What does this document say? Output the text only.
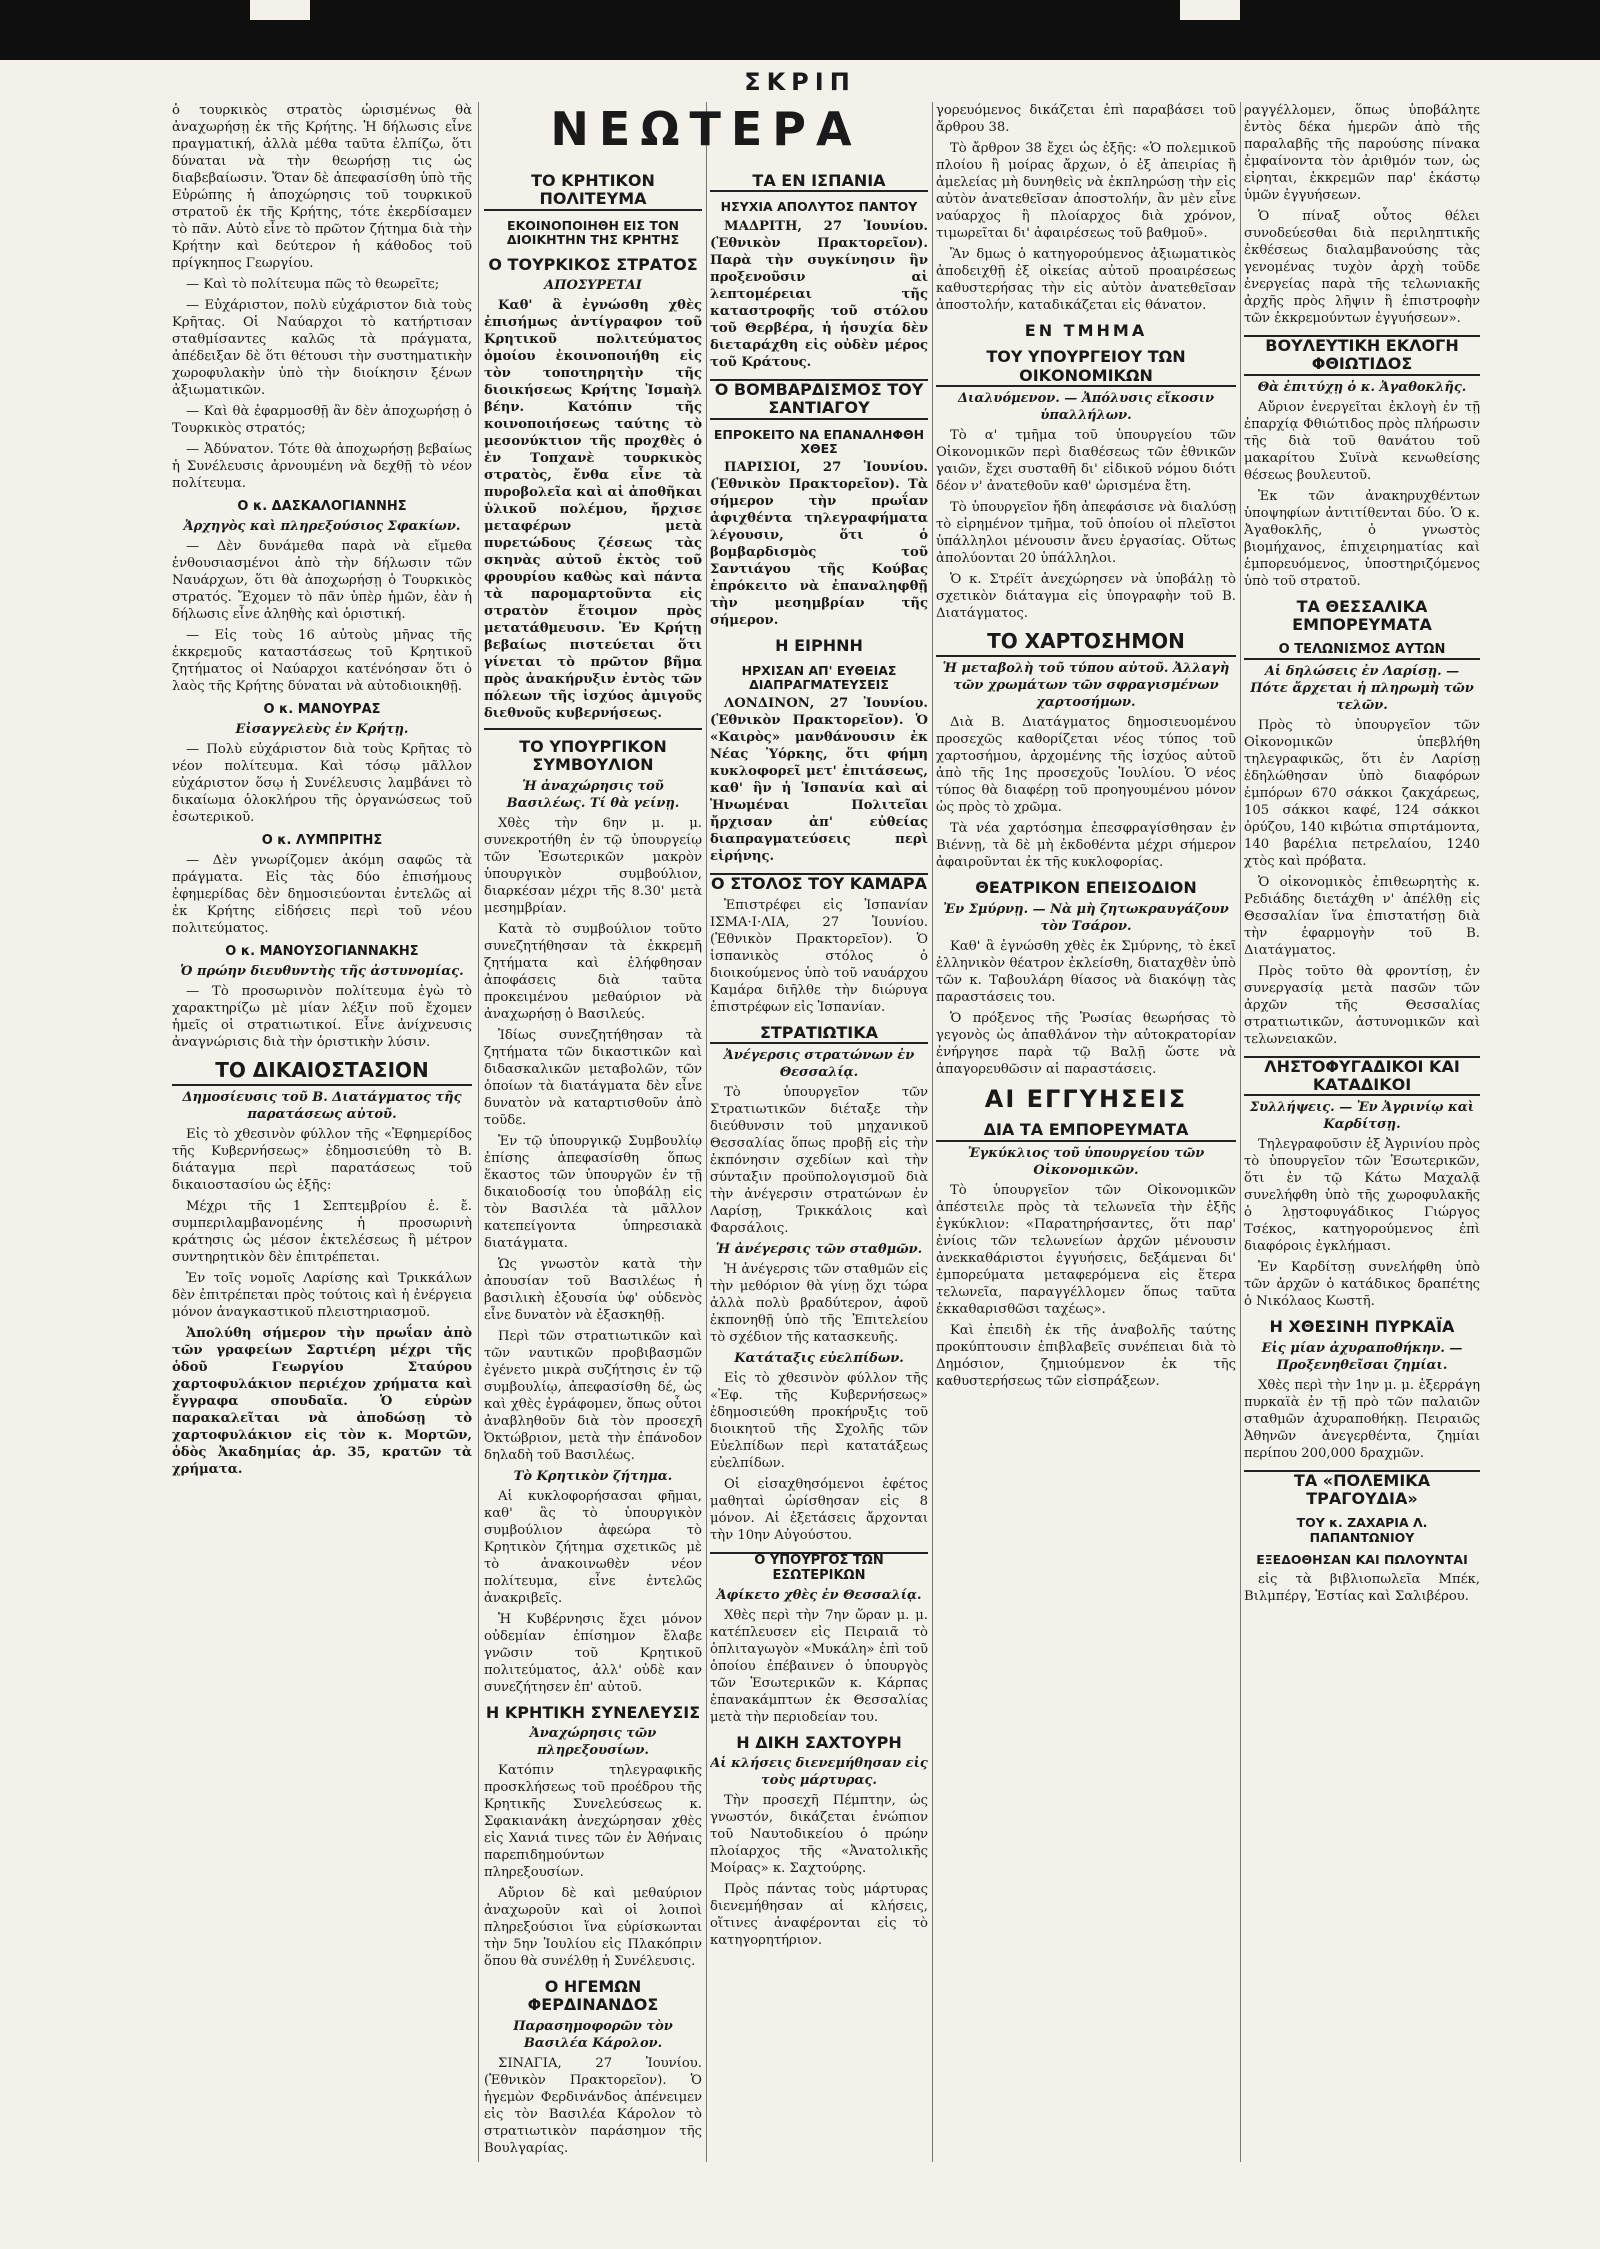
ΣΚΡΙΠ

ὁ τουρκικὸς στρατὸς ὡρισμένως θὰ ἀναχωρήσῃ ἐκ τῆς Κρήτης. Ἡ δήλωσις εἶνε πραγματική, ἀλλὰ μέθα ταῦτα ἐλπίζω, ὅτι δύναται νὰ τὴν θεωρήσῃ τις ὡς διαβεβαίωσιν. Ὅταν δὲ ἀπεφασίσθη ὑπὸ τῆς Εὐρώπης ἡ ἀποχώρησις τοῦ τουρκικοῦ στρατοῦ ἐκ τῆς Κρήτης, τότε ἐκερδίσαμεν τὸ πᾶν. Αὐτὸ εἶνε τὸ πρῶτον ζήτημα διὰ τὴν Κρήτην καὶ δεύτερον ἡ κάθοδος τοῦ πρίγκηπος Γεωργίου.

— Καὶ τὸ πολίτευμα πῶς τὸ θεωρεῖτε;

— Εὐχάριστον, πολὺ εὐχάριστον διὰ τοὺς Κρῆτας. Οἱ Ναύαρχοι τὸ κατήρτισαν σταθμίσαντες καλῶς τὰ πράγματα, ἀπέδειξαν δὲ ὅτι θέτουσι τὴν συστηματικὴν χωροφυλακὴν ὑπὸ τὴν διοίκησιν ξένων ἀξιωματικῶν.

— Καὶ θὰ ἐφαρμοσθῇ ἂν δὲν ἀποχωρήσῃ ὁ Τουρκικὸς στρατός;

— Ἀδύνατον. Τότε θὰ ἀποχωρήσῃ βεβαίως ἡ Συνέλευσις ἀρνουμένη νὰ δεχθῇ τὸ νέον πολίτευμα.

Ο κ. ΔΑΣΚΑΛΟΓΙΑΝΝΗΣ
Ἀρχηγὸς καὶ πληρεξούσιος Σφακίων.

— Δὲν δυνάμεθα παρὰ νὰ εἴμεθα ἐνθουσιασμένοι ἀπὸ τὴν δήλωσιν τῶν Ναυάρχων, ὅτι θὰ ἀποχωρήσῃ ὁ Τουρκικὸς στρατός. Ἔχομεν τὸ πᾶν ὑπὲρ ἡμῶν, ἐὰν ἡ δήλωσις εἶνε ἀληθὴς καὶ ὁριστική.

— Εἰς τοὺς 16 αὐτοὺς μῆνας τῆς ἐκκρεμοῦς καταστάσεως τοῦ Κρητικοῦ ζητήματος οἱ Ναύαρχοι κατένόησαν ὅτι ὁ λαὸς τῆς Κρήτης δύναται νὰ αὐτοδιοικηθῇ.

Ο κ. ΜΑΝΟΥΡΑΣ
Εἰσαγγελεὺς ἐν Κρήτῃ.

— Πολὺ εὐχάριστον διὰ τοὺς Κρῆτας τὸ νέον πολίτευμα. Καὶ τόσῳ μᾶλλον εὐχάριστον ὅσῳ ἡ Συνέλευσις λαμβάνει τὸ δικαίωμα ὁλοκλήρου τῆς ὀργανώσεως τοῦ ἐσωτερικοῦ.

Ο κ. ΛΥΜΠΡΙΤΗΣ

— Δὲν γνωρίζομεν ἀκόμη σαφῶς τὰ πράγματα. Εἰς τὰς δύο ἐπισήμους ἐφημερίδας δὲν δημοσιεύονται ἐντελῶς αἱ ἐκ Κρήτης εἰδήσεις περὶ τοῦ νέου πολιτεύματος.

Ο κ. ΜΑΝΟΥΣΟΓΙΑΝΝΑΚΗΣ
Ὁ πρώην διευθυντὴς τῆς ἀστυνομίας.

— Τὸ προσωρινὸν πολίτευμα ἐγὼ τὸ χαρακτηρίζω μὲ μίαν λέξιν ποῦ ἔχομεν ἡμεῖς οἱ στρατιωτικοί. Εἶνε ἀνίχνευσις ἀναγνώρισις διὰ τὴν ὁριστικὴν λύσιν.

ΤΟ ΔΙΚΑΙΟΣΤΑΣΙΟΝ
Δημοσίευσις τοῦ Β. Διατάγματος τῆς παρατάσεως αὐτοῦ.

Εἰς τὸ χθεσινὸν φύλλον τῆς «Ἐφημερίδος τῆς Κυβερνήσεως» ἐδημοσιεύθη τὸ Β. διάταγμα περὶ παρατάσεως τοῦ δικαιοστασίου ὡς ἑξῆς:

Μέχρι τῆς 1 Σεπτεμβρίου ἐ. ἔ. συμπεριλαμβανομένης ἡ προσωρινὴ κράτησις ὡς μέσον ἐκτελέσεως ἢ μέτρον συντηρητικὸν δὲν ἐπιτρέπεται.

Ἐν τοῖς νομοῖς Λαρίσης καὶ Τρικκάλων δὲν ἐπιτρέπεται πρὸς τούτοις καὶ ἡ ἐνέργεια μόνον ἀναγκαστικοῦ πλειστηριασμοῦ.

Ἀπολύθη σήμερον τὴν πρωΐαν ἀπὸ τῶν γραφείων Σαρτιέρη μέχρι τῆς ὁδοῦ Γεωργίου Σταύρου χαρτοφυλάκιον περιέχον χρήματα καὶ ἔγγραφα σπουδαῖα. Ὁ εὑρὼν παρακαλεῖται νὰ ἀποδώσῃ τὸ χαρτοφυλάκιον εἰς τὸν κ. Μορτῶν, ὁδὸς Ἀκαδημίας ἀρ. 35, κρατῶν τὰ χρήματα.

ΝΕΩΤΕΡΑ
ΤΟ ΚΡΗΤΙΚΟΝ ΠΟΛΙΤΕΥΜΑ
ΕΚΟΙΝΟΠΟΙΗΘΗ ΕΙΣ ΤΟΝ ΔΙΟΙΚΗΤΗΝ ΤΗΣ ΚΡΗΤΗΣ
Ο ΤΟΥΡΚΙΚΟΣ ΣΤΡΑΤΟΣ
ΑΠΟΣΥΡΕΤΑΙ

Καθ' ἃ ἐγνώσθη χθὲς ἐπισήμως ἀντίγραφον τοῦ Κρητικοῦ πολιτεύματος ὁμοίου ἐκοινοποιήθη εἰς τὸν τοποτηρητὴν τῆς διοικήσεως Κρήτης Ἰσμαὴλ βέην. Κατόπιν τῆς κοινοποιήσεως ταύτης τὸ μεσονύκτιον τῆς προχθὲς ὁ ἐν Τοπχανὲ τουρκικὸς στρατὸς, ἔνθα εἶνε τὰ πυροβολεῖα καὶ αἱ ἀποθῆκαι ὑλικοῦ πολέμου, ἤρχισε μεταφέρων μετὰ πυρετώδους ζέσεως τὰς σκηνὰς αὐτοῦ ἐκτὸς τοῦ φρουρίου καθὼς καὶ πάντα τὰ παρομαρτοῦντα εἰς στρατὸν ἕτοιμον πρὸς μετατάθμευσιν. Ἐν Κρήτῃ βεβαίως πιστεύεται ὅτι γίνεται τὸ πρῶτον βῆμα πρὸς ἀνακήρυξιν ἐντὸς τῶν πόλεων τῆς ἰσχύος ἀμιγοῦς διεθνοῦς κυβερνήσεως.

ΤΟ ΥΠΟΥΡΓΙΚΟΝ ΣΥΜΒΟΥΛΙΟΝ
Ἡ ἀναχώρησις τοῦ Βασιλέως. Τί θὰ γείνῃ.

Χθὲς τὴν 6ην μ. μ. συνεκροτήθη ἐν τῷ ὑπουργείῳ τῶν Ἐσωτερικῶν μακρὸν ὑπουργικὸν συμβούλιον, διαρκέσαν μέχρι τῆς 8.30' μετὰ μεσημβρίαν.

Κατὰ τὸ συμβούλιον τοῦτο συνεζητήθησαν τὰ ἐκκρεμῆ ζητήματα καὶ ἐλήφθησαν ἀποφάσεις διὰ ταῦτα προκειμένου μεθαύριον νὰ ἀναχωρήσῃ ὁ Βασιλεύς.

Ἰδίως συνεζητήθησαν τὰ ζητήματα τῶν δικαστικῶν καὶ διδασκαλικῶν μεταβολῶν, τῶν ὁποίων τὰ διατάγματα δὲν εἶνε δυνατὸν νὰ καταρτισθοῦν ἀπὸ τοῦδε.

Ἐν τῷ ὑπουργικῷ Συμβουλίῳ ἐπίσης ἀπεφασίσθη ὅπως ἕκαστος τῶν ὑπουργῶν ἐν τῇ δικαιοδοσίᾳ του ὑποβάλῃ εἰς τὸν Βασιλέα τὰ μᾶλλον κατεπείγοντα ὑπηρεσιακὰ διατάγματα.

Ὡς γνωστὸν κατὰ τὴν ἀπουσίαν τοῦ Βασιλέως ἡ βασιλικὴ ἐξουσία ὑφ' οὐδενὸς εἶνε δυνατὸν νὰ ἐξασκηθῇ.

Περὶ τῶν στρατιωτικῶν καὶ τῶν ναυτικῶν προβιβασμῶν ἐγένετο μικρὰ συζήτησις ἐν τῷ συμβουλίῳ, ἀπεφασίσθη δέ, ὡς καὶ χθὲς ἐγράφομεν, ὅπως οὗτοι ἀναβληθοῦν διὰ τὸν προσεχῆ Ὀκτώβριον, μετὰ τὴν ἐπάνοδον δηλαδὴ τοῦ Βασιλέως.

Τὸ Κρητικὸν ζήτημα.

Αἱ κυκλοφορήσασαι φῆμαι, καθ' ἃς τὸ ὑπουργικὸν συμβούλιον ἀφεώρα τὸ Κρητικὸν ζήτημα σχετικῶς μὲ τὸ ἀνακοινωθὲν νέον πολίτευμα, εἶνε ἐντελῶς ἀνακριβεῖς.

Ἡ Κυβέρνησις ἔχει μόνον οὐδεμίαν ἐπίσημον ἔλαβε γνῶσιν τοῦ Κρητικοῦ πολιτεύματος, ἀλλ' οὐδὲ καν συνεζήτησεν ἐπ' αὐτοῦ.

Η ΚΡΗΤΙΚΗ ΣΥΝΕΛΕΥΣΙΣ
Ἀναχώρησις τῶν πληρεξουσίων.

Κατόπιν τηλεγραφικῆς προσκλήσεως τοῦ προέδρου τῆς Κρητικῆς Συνελεύσεως κ. Σφακιανάκη ἀνεχώρησαν χθὲς εἰς Χανιά τινες τῶν ἐν Ἀθήναις παρεπιδημούντων πληρεξουσίων.

Αὔριον δὲ καὶ μεθαύριον ἀναχωροῦν καὶ οἱ λοιποὶ πληρεξούσιοι ἵνα εὑρίσκωνται τὴν 5ην Ἰουλίου εἰς Πλακόπριν ὅπου θὰ συνέλθῃ ἡ Συνέλευσις.

Ο ΗΓΕΜΩΝ ΦΕΡΔΙΝΑΝΔΟΣ
Παρασημοφορῶν τὸν Βασιλέα Κάρολον.

ΣΙΝΑΓΙΑ, 27 Ἰουνίου. (Ἐθνικὸν Πρακτορεῖον). Ὁ ἡγεμὼν Φερδινάνδος ἀπένειμεν εἰς τὸν Βασιλέα Κάρολον τὸ στρατιωτικὸν παράσημον τῆς Βουλγαρίας.

ΤΑ ΕΝ ΙΣΠΑΝΙΑ
ΗΣΥΧΙΑ ΑΠΟΛΥΤΟΣ ΠΑΝΤΟΥ

ΜΑΔΡΙΤΗ, 27 Ἰουνίου. (Ἐθνικὸν Πρακτορεῖον). Παρὰ τὴν συγκίνησιν ἣν προξενοῦσιν αἱ λεπτομέρειαι τῆς καταστροφῆς τοῦ στόλου τοῦ Θερβέρα, ἡ ἡσυχία δὲν διεταράχθη εἰς οὐδὲν μέρος τοῦ Κράτους.

Ο ΒΟΜΒΑΡΔΙΣΜΟΣ ΤΟΥ ΣΑΝΤΙΑΓΟΥ
ΕΠΡΟΚΕΙΤΟ ΝΑ ΕΠΑΝΑΛΗΦΘΗ ΧΘΕΣ

ΠΑΡΙΣΙΟΙ, 27 Ἰουνίου. (Ἐθνικὸν Πρακτορεῖον). Τὰ σήμερον τὴν πρωΐαν ἀφιχθέντα τηλεγραφήματα λέγουσιν, ὅτι ὁ βομβαρδισμὸς τοῦ Σαντιάγου τῆς Κούβας ἐπρόκειτο νὰ ἐπαναληφθῇ τὴν μεσημβρίαν τῆς σήμερον.

Η ΕΙΡΗΝΗ
ΗΡΧΙΣΑΝ ΑΠ' ΕΥΘΕΙΑΣ ΔΙΑΠΡΑΓΜΑΤΕΥΣΕΙΣ

ΛΟΝΔΙΝΟΝ, 27 Ἰουνίου. (Ἐθνικὸν Πρακτορεῖον). Ὁ «Καιρὸς» μανθάνουσιν ἐκ Νέας Ὑόρκης, ὅτι φήμη κυκλοφορεῖ μετ' ἐπιτάσεως, καθ' ἣν ἡ Ἱσπανία καὶ αἱ Ἡνωμέναι Πολιτεῖαι ἤρχισαν ἀπ' εὐθείας διαπραγματεύσεις περὶ εἰρήνης.

Ο ΣΤΟΛΟΣ ΤΟΥ ΚΑΜΑΡΑ

Ἐπιστρέφει εἰς Ἱσπανίαν ΙΣΜΑ·Ι·ΛΙΑ, 27 Ἰουνίου. (Ἐθνικὸν Πρακτορεῖον). Ὁ ἱσπανικὸς στόλος ὁ διοικούμενος ὑπὸ τοῦ ναυάρχου Καμάρα διῆλθε τὴν διώρυγα ἐπιστρέφων εἰς Ἱσπανίαν.

ΣΤΡΑΤΙΩΤΙΚΑ
Ἀνέγερσις στρατώνων ἐν Θεσσαλίᾳ.

Τὸ ὑπουργεῖον τῶν Στρατιωτικῶν διέταξε τὴν διεύθυνσιν τοῦ μηχανικοῦ Θεσσαλίας ὅπως προβῇ εἰς τὴν ἐκπόνησιν σχεδίων καὶ τὴν σύνταξιν προϋπολογισμοῦ διὰ τὴν ἀνέγερσιν στρατώνων ἐν Λαρίσῃ, Τρικκάλοις καὶ Φαρσάλοις.

Ἡ ἀνέγερσις τῶν σταθμῶν.

Ἡ ἀνέγερσις τῶν σταθμῶν εἰς τὴν μεθόριον θὰ γίνῃ ὅχι τώρα ἀλλὰ πολὺ βραδύτερον, ἀφοῦ ἐκπονηθῇ ὑπὸ τῆς Ἐπιτελείου τὸ σχέδιον τῆς κατασκευῆς.

Κατάταξις εὐελπίδων.

Εἰς τὸ χθεσινὸν φύλλον τῆς «Ἐφ. τῆς Κυβερνήσεως» ἐδημοσιεύθη προκήρυξις τοῦ διοικητοῦ τῆς Σχολῆς τῶν Εὐελπίδων περὶ κατατάξεως εὐελπίδων.

Οἱ εἰσαχθησόμενοι ἐφέτος μαθηταὶ ὡρίσθησαν εἰς 8 μόνον. Αἱ ἐξετάσεις ἄρχονται τὴν 10ην Αὐγούστου.

Ο ΥΠΟΥΡΓΟΣ ΤΩΝ ΕΣΩΤΕΡΙΚΩΝ
Ἀφίκετο χθὲς ἐν Θεσσαλίᾳ.

Χθὲς περὶ τὴν 7ην ὥραν μ. μ. κατέπλευσεν εἰς Πειραιᾶ τὸ ὁπλιταγωγὸν «Μυκάλη» ἐπὶ τοῦ ὁποίου ἐπέβαινεν ὁ ὑπουργὸς τῶν Ἐσωτερικῶν κ. Κάρπας ἐπανακάμπτων ἐκ Θεσσαλίας μετὰ τὴν περιοδείαν του.

Η ΔΙΚΗ ΣΑΧΤΟΥΡΗ
Αἱ κλήσεις διενεμήθησαν εἰς τοὺς μάρτυρας.

Τὴν προσεχῆ Πέμπτην, ὡς γνωστόν, δικάζεται ἐνώπιον τοῦ Ναυτοδικείου ὁ πρώην πλοίαρχος τῆς «Ἀνατολικῆς Μοίρας» κ. Σαχτούρης.

Πρὸς πάντας τοὺς μάρτυρας διενεμήθησαν αἱ κλήσεις, οἵτινες ἀναφέρονται εἰς τὸ κατηγορητήριον.

γορευόμενος δικάζεται ἐπὶ παραβάσει τοῦ ἄρθρου 38.

Τὸ ἄρθρον 38 ἔχει ὡς ἑξῆς: «Ὁ πολεμικοῦ πλοίου ἢ μοίρας ἄρχων, ὁ ἐξ ἀπειρίας ἢ ἀμελείας μὴ δυνηθεὶς νὰ ἐκπληρώσῃ τὴν εἰς αὐτὸν ἀνατεθεῖσαν ἀποστολήν, ἂν μὲν εἶνε ναύαρχος ἢ πλοίαρχος διὰ χρόνον, τιμωρεῖται δι' ἀφαιρέσεως τοῦ βαθμοῦ».

Ἂν δμως ὁ κατηγορούμενος ἀξιωματικὸς ἀποδειχθῇ ἐξ οἰκείας αὐτοῦ προαιρέσεως καθυστερήσας τὴν εἰς αὐτὸν ἀνατεθεῖσαν ἀποστολήν, καταδικάζεται εἰς θάνατον.

ΕΝ ΤΜΗΜΑ
ΤΟΥ ΥΠΟΥΡΓΕΙΟΥ ΤΩΝ ΟΙΚΟΝΟΜΙΚΩΝ
Διαλυόμενον. — Ἀπόλυσις εἴκοσιν ὑπαλλήλων.

Τὸ α' τμῆμα τοῦ ὑπουργείου τῶν Οἰκονομικῶν περὶ διαθέσεως τῶν ἐθνικῶν γαιῶν, ἔχει συσταθῆ δι' εἰδικοῦ νόμου διότι δέον ν' ἀνατεθοῦν καθ' ὡρισμένα ἔτη.

Τὸ ὑπουργεῖον ἤδη ἀπεφάσισε νὰ διαλύσῃ τὸ εἰρημένον τμῆμα, τοῦ ὁποίου οἱ πλεῖστοι ὑπάλληλοι μένουσιν ἄνευ ἐργασίας. Οὕτως ἀπολύονται 20 ὑπάλληλοι.

Ὁ κ. Στρέϊτ ἀνεχώρησεν νὰ ὑποβάλῃ τὸ σχετικὸν διάταγμα εἰς ὑπογραφὴν τοῦ Β. Διατάγματος.

ΤΟ ΧΑΡΤΟΣΗΜΟΝ
Ἡ μεταβολὴ τοῦ τύπου αὐτοῦ. Ἀλλαγὴ τῶν χρωμάτων τῶν σφραγισμένων χαρτοσήμων.

Διὰ Β. Διατάγματος δημοσιευομένου προσεχῶς καθορίζεται νέος τύπος τοῦ χαρτοσήμου, ἀρχομένης τῆς ἰσχύος αὐτοῦ ἀπὸ τῆς 1ης προσεχοῦς Ἰουλίου. Ὁ νέος τύπος θὰ διαφέρῃ τοῦ προηγουμένου μόνον ὡς πρὸς τὸ χρῶμα.

Τὰ νέα χαρτόσημα ἐπεσφραγίσθησαν ἐν Βιέννῃ, τὰ δὲ μὴ ἐκδοθέντα μέχρι σήμερον ἀφαιροῦνται ἐκ τῆς κυκλοφορίας.

ΘΕΑΤΡΙΚΟΝ ΕΠΕΙΣΟΔΙΟΝ
Ἐν Σμύρνῃ. — Νὰ μὴ ζητωκραυγάζουν τὸν Τσάρον.

Καθ' ἃ ἐγνώσθη χθὲς ἐκ Σμύρνης, τὸ ἐκεῖ ἑλληνικὸν θέατρον ἐκλείσθη, διαταχθὲν ὑπὸ τῶν κ. Ταβουλάρη θίασος νὰ διακόψῃ τὰς παραστάσεις του.

Ὁ πρόξενος τῆς Ῥωσίας θεωρήσας τὸ γεγονὸς ὡς ἀπαθλάνον τὴν αὐτοκρατορίαν ἐνήργησε παρὰ τῷ Βαλῇ ὥστε νὰ ἀπαγορευθῶσιν αἱ παραστάσεις.

ΑΙ ΕΓΓΥΗΣΕΙΣ
ΔΙΑ ΤΑ ΕΜΠΟΡΕΥΜΑΤΑ
Ἐγκύκλιος τοῦ ὑπουργείου τῶν Οἰκονομικῶν.

Τὸ ὑπουργεῖον τῶν Οἰκονομικῶν ἀπέστειλε πρὸς τὰ τελωνεῖα τὴν ἑξῆς ἐγκύκλιον: «Παρατηρήσαντες, ὅτι παρ' ἐνίοις τῶν τελωνείων ἀρχῶν μένουσιν ἀνεκκαθάριστοι ἐγγυήσεις, δεξάμεναι δι' ἐμπορεύματα μεταφερόμενα εἰς ἕτερα τελωνεῖα, παραγγέλλομεν ὅπως ταῦτα ἐκκαθαρισθῶσι ταχέως».

Καὶ ἐπειδὴ ἐκ τῆς ἀναβολῆς ταύτης προκύπτουσιν ἐπιβλαβεῖς συνέπειαι διὰ τὸ Δημόσιον, ζημιούμενον ἐκ τῆς καθυστερήσεως τῶν εἰσπράξεων.

ραγγέλλομεν, ὅπως ὑποβάλητε ἐντὸς δέκα ἡμερῶν ἀπὸ τῆς παραλαβῆς τῆς παρούσης πίνακα ἐμφαίνοντα τὸν ἀριθμόν των, ὡς εἰρηται, ἐκκρεμῶν παρ' ἑκάστῳ ὑμῶν ἐγγυήσεων.

Ὁ πίναξ οὗτος θέλει συνοδεύεσθαι διὰ περιληπτικῆς ἐκθέσεως διαλαμβανούσης τὰς γενομένας τυχὸν ἀρχὴ τοῦδε ἐνεργείας παρὰ τῆς τελωνιακῆς ἀρχῆς πρὸς λῆψιν ἢ ἐπιστροφὴν τῶν ἐκκρεμούντων ἐγγυήσεων».

ΒΟΥΛΕΥΤΙΚΗ ΕΚΛΟΓΗ ΦΘΙΩΤΙΔΟΣ
Θὰ ἐπιτύχῃ ὁ κ. Ἀγαθοκλῆς.

Αὔριον ἐνεργεῖται ἐκλογὴ ἐν τῇ ἐπαρχίᾳ Φθιώτιδος πρὸς πλήρωσιν τῆς διὰ τοῦ θανάτου τοῦ μακαρίτου Συϊνὰ κενωθείσης θέσεως βουλευτοῦ.

Ἐκ τῶν ἀνακηρυχθέντων ὑποψηφίων ἀντιτίθενται δύο. Ὁ κ. Ἀγαθοκλῆς, ὁ γνωστὸς βιομήχανος, ἐπιχειρηματίας καὶ ἐμπορευόμενος, ὑποστηριζόμενος ὑπὸ τοῦ στρατοῦ.

ΤΑ ΘΕΣΣΑΛΙΚΑ ΕΜΠΟΡΕΥΜΑΤΑ
Ο ΤΕΛΩΝΙΣΜΟΣ ΑΥΤΩΝ
Αἱ δηλώσεις ἐν Λαρίσῃ. — Πότε ἄρχεται ἡ πληρωμὴ τῶν τελῶν.

Πρὸς τὸ ὑπουργεῖον τῶν Οἰκονομικῶν ὑπεβλήθη τηλεγραφικῶς, ὅτι ἐν Λαρίσῃ ἐδηλώθησαν ὑπὸ διαφόρων ἐμπόρων 670 σάκκοι ζακχάρεως, 105 σάκκοι καφέ, 124 σάκκοι ὀρύζου, 140 κιβώτια σπιρτάμοντα, 140 βαρέλια πετρελαίου, 1240 χτὸς καὶ πρόβατα.

Ὁ οἰκονομικὸς ἐπιθεωρητὴς κ. Ρεδιάδης διετάχθη ν' ἀπέλθῃ εἰς Θεσσαλίαν ἵνα ἐπιστατήσῃ διὰ τὴν ἐφαρμογὴν τοῦ Β. Διατάγματος.

Πρὸς τοῦτο θὰ φροντίσῃ, ἐν συνεργασίᾳ μετὰ πασῶν τῶν ἀρχῶν τῆς Θεσσαλίας στρατιωτικῶν, ἀστυνομικῶν καὶ τελωνειακῶν.

ΛΗΣΤΟΦΥΓΑΔΙΚΟΙ ΚΑΙ ΚΑΤΑΔΙΚΟΙ
Συλλήψεις. — Ἐν Ἀγρινίῳ καὶ Καρδίτσῃ.

Τηλεγραφοῦσιν ἐξ Ἀγρινίου πρὸς τὸ ὑπουργεῖον τῶν Ἐσωτερικῶν, ὅτι ἐν τῷ Κάτω Μαχαλᾷ συνελήφθη ὑπὸ τῆς χωροφυλακῆς ὁ λῃστοφυγάδικος Γιώργος Τσέκος, κατηγορούμενος ἐπὶ διαφόροις ἐγκλήμασι.

Ἐν Καρδίτσῃ συνελήφθη ὑπὸ τῶν ἀρχῶν ὁ κατάδικος δραπέτης ὁ Νικόλαος Κωστῆ.

Η ΧΘΕΣΙΝΗ ΠΥΡΚΑΪΑ
Εἰς μίαν ἀχυραποθήκην. — Προξενηθεῖσαι ζημίαι.

Χθὲς περὶ τὴν 1ην μ. μ. ἐξερράγη πυρκαϊὰ ἐν τῇ πρὸ τῶν παλαιῶν σταθμῶν ἀχυραποθήκῃ. Πειραιῶς Ἀθηνῶν ἀνεγερθέντα, ζημίαι περίπου 200,000 δραχμῶν.

ΤΑ «ΠΟΛΕΜΙΚΑ ΤΡΑΓΟΥΔΙΑ»
ΤΟΥ κ. ΖΑΧΑΡΙΑ Λ. ΠΑΠΑΝΤΩΝΙΟΥ
ΕΞΕΔΟΘΗΣΑΝ ΚΑΙ ΠΩΛΟΥΝΤΑΙ

εἰς τὰ βιβλιοπωλεῖα Μπέκ, Βιλμπέργ, Ἑστίας καὶ Σαλιβέρου.
